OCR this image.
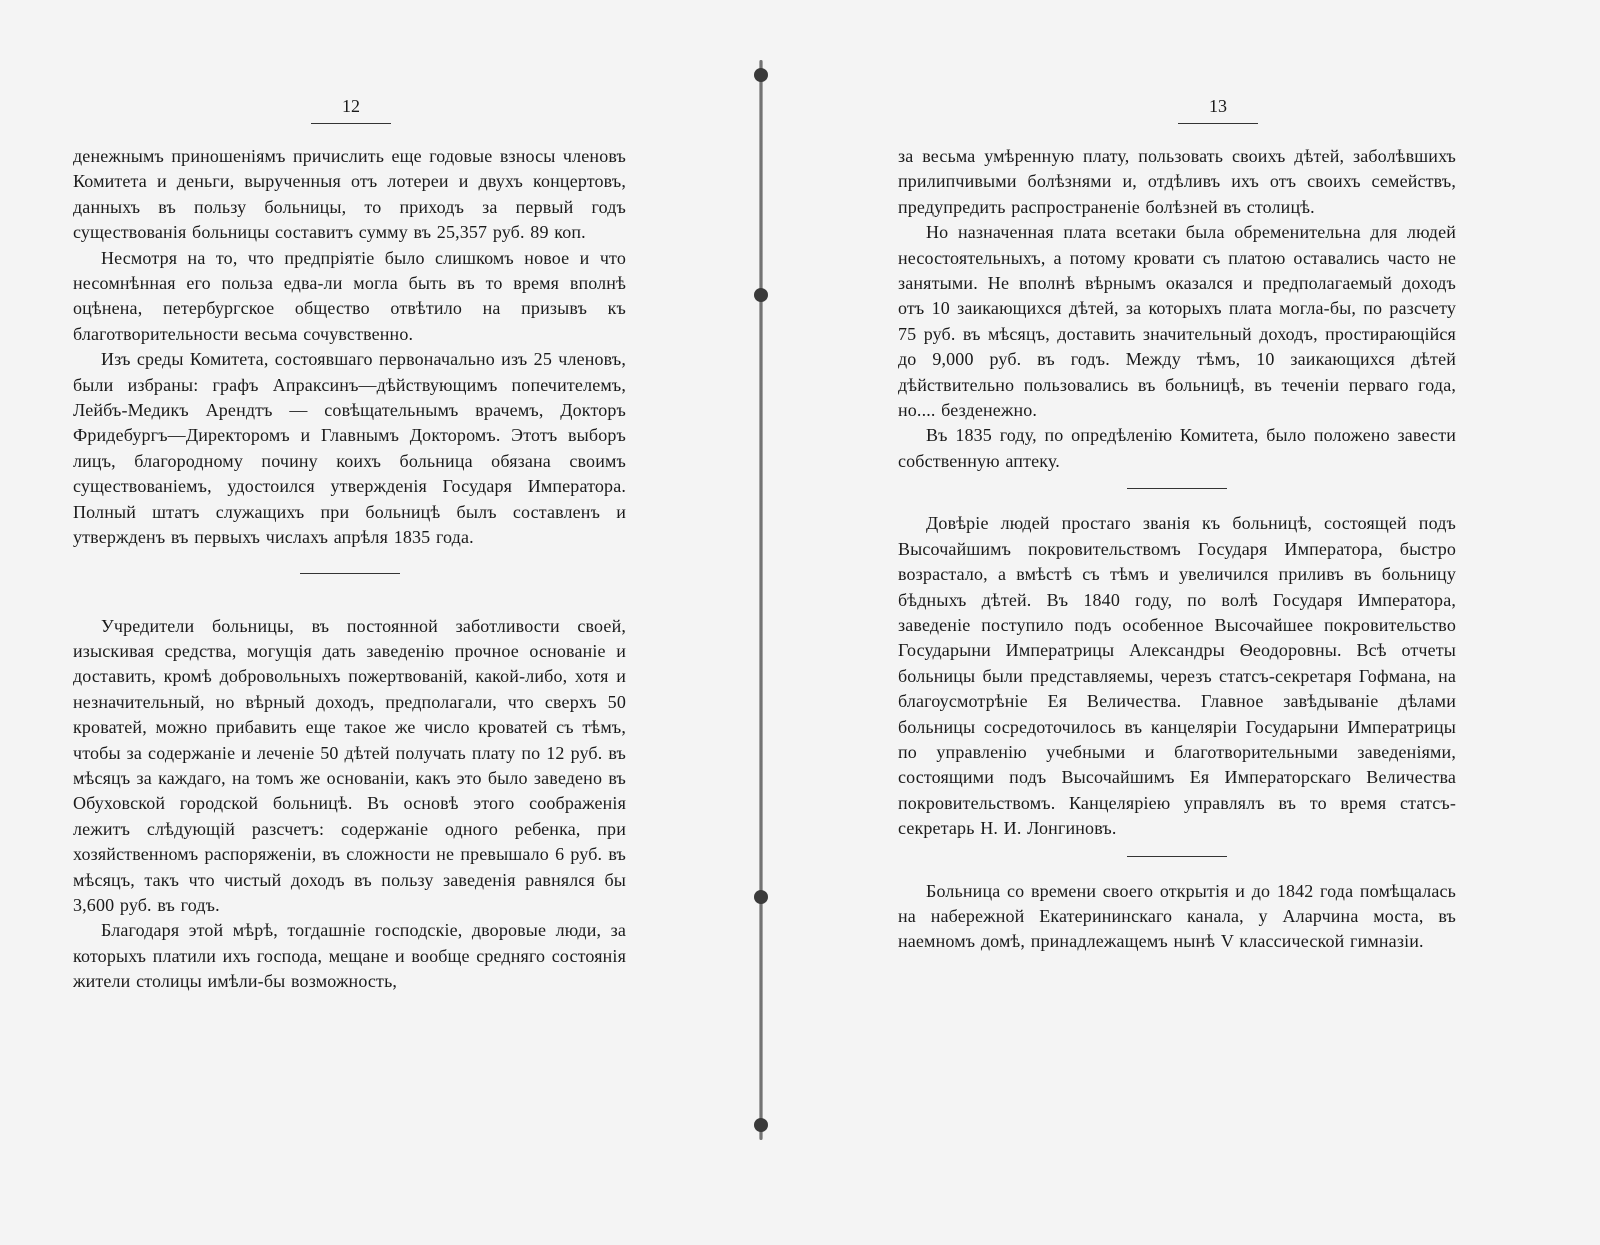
12

денежнымъ приношеніямъ причислить еще годовые взносы членовъ Комитета и деньги, вырученныя отъ лотереи и двухъ концертовъ, данныхъ въ пользу больницы, то приходъ за первый годъ существованія больницы составитъ сумму въ 25,357 руб. 89 коп.

Несмотря на то, что предпріятіе было слишкомъ новое и что несомнѣнная его польза едва-ли могла быть въ то время вполнѣ оцѣнена, петербургское общество отвѣтило на призывъ къ благотворительности весьма сочувственно.

Изъ среды Комитета, состоявшаго первоначально изъ 25 членовъ, были избраны: графъ Апраксинъ—дѣйствующимъ попечителемъ, Лейбъ-Медикъ Арендтъ — совѣщательнымъ врачемъ, Докторъ Фридебургъ—Директоромъ и Главнымъ Докторомъ. Этотъ выборъ лицъ, благородному почину коихъ больница обязана своимъ существованіемъ, удостоился утвержденія Государя Императора. Полный штатъ служащихъ при больницѣ былъ составленъ и утвержденъ въ первыхъ числахъ апрѣля 1835 года.

Учредители больницы, въ постоянной заботливости своей, изыскивая средства, могущія дать заведенію прочное основаніе и доставить, кромѣ добровольныхъ пожертвованій, какой-либо, хотя и незначительный, но вѣрный доходъ, предполагали, что сверхъ 50 кроватей, можно прибавить еще такое же число кроватей съ тѣмъ, чтобы за содержаніе и леченіе 50 дѣтей получать плату по 12 руб. въ мѣсяцъ за каждаго, на томъ же основаніи, какъ это было заведено въ Обуховской городской больницѣ. Въ основѣ этого соображенія лежитъ слѣдующій разсчетъ: содержаніе одного ребенка, при хозяйственномъ распоряженіи, въ сложности не превышало 6 руб. въ мѣсяцъ, такъ что чистый доходъ въ пользу заведенія равнялся бы 3,600 руб. въ годъ.

Благодаря этой мѣрѣ, тогдашніе господскіе, дворовые люди, за которыхъ платили ихъ господа, мещане и вообще средняго состоянія жители столицы имѣли-бы возможность,

13

за весьма умѣренную плату, пользовать своихъ дѣтей, заболѣвшихъ прилипчивыми болѣзнями и, отдѣливъ ихъ отъ своихъ семействъ, предупредить распространеніе болѣзней въ столицѣ.

Но назначенная плата всетаки была обременительна для людей несостоятельныхъ, а потому кровати съ платою оставались часто не занятыми. Не вполнѣ вѣрнымъ оказался и предполагаемый доходъ отъ 10 заикающихся дѣтей, за которыхъ плата могла-бы, по разсчету 75 руб. въ мѣсяцъ, доставить значительный доходъ, простирающійся до 9,000 руб. въ годъ. Между тѣмъ, 10 заикающихся дѣтей дѣйствительно пользовались въ больницѣ, въ теченіи перваго года, но.... безденежно.

Въ 1835 году, по опредѣленію Комитета, было положено завести собственную аптеку.

Довѣріе людей простаго званія къ больницѣ, состоящей подъ Высочайшимъ покровительствомъ Государя Императора, быстро возрастало, а вмѣстѣ съ тѣмъ и увеличился приливъ въ больницу бѣдныхъ дѣтей. Въ 1840 году, по волѣ Государя Императора, заведеніе поступило подъ особенное Высочайшее покровительство Государыни Императрицы Александры Ѳеодоровны. Всѣ отчеты больницы были представляемы, черезъ статсъ-секретаря Гофмана, на благоусмотрѣніе Ея Величества. Главное завѣдываніе дѣлами больницы сосредоточилось въ канцеляріи Государыни Императрицы по управленію учебными и благотворительными заведеніями, состоящими подъ Высочайшимъ Ея Императорскаго Величества покровительствомъ. Канцеляріею управлялъ въ то время статсъ-секретарь Н. И. Лонгиновъ.

Больница со времени своего открытія и до 1842 года помѣщалась на набережной Екатерининскаго канала, у Аларчина моста, въ наемномъ домѣ, принадлежащемъ нынѣ V классической гимназіи.
